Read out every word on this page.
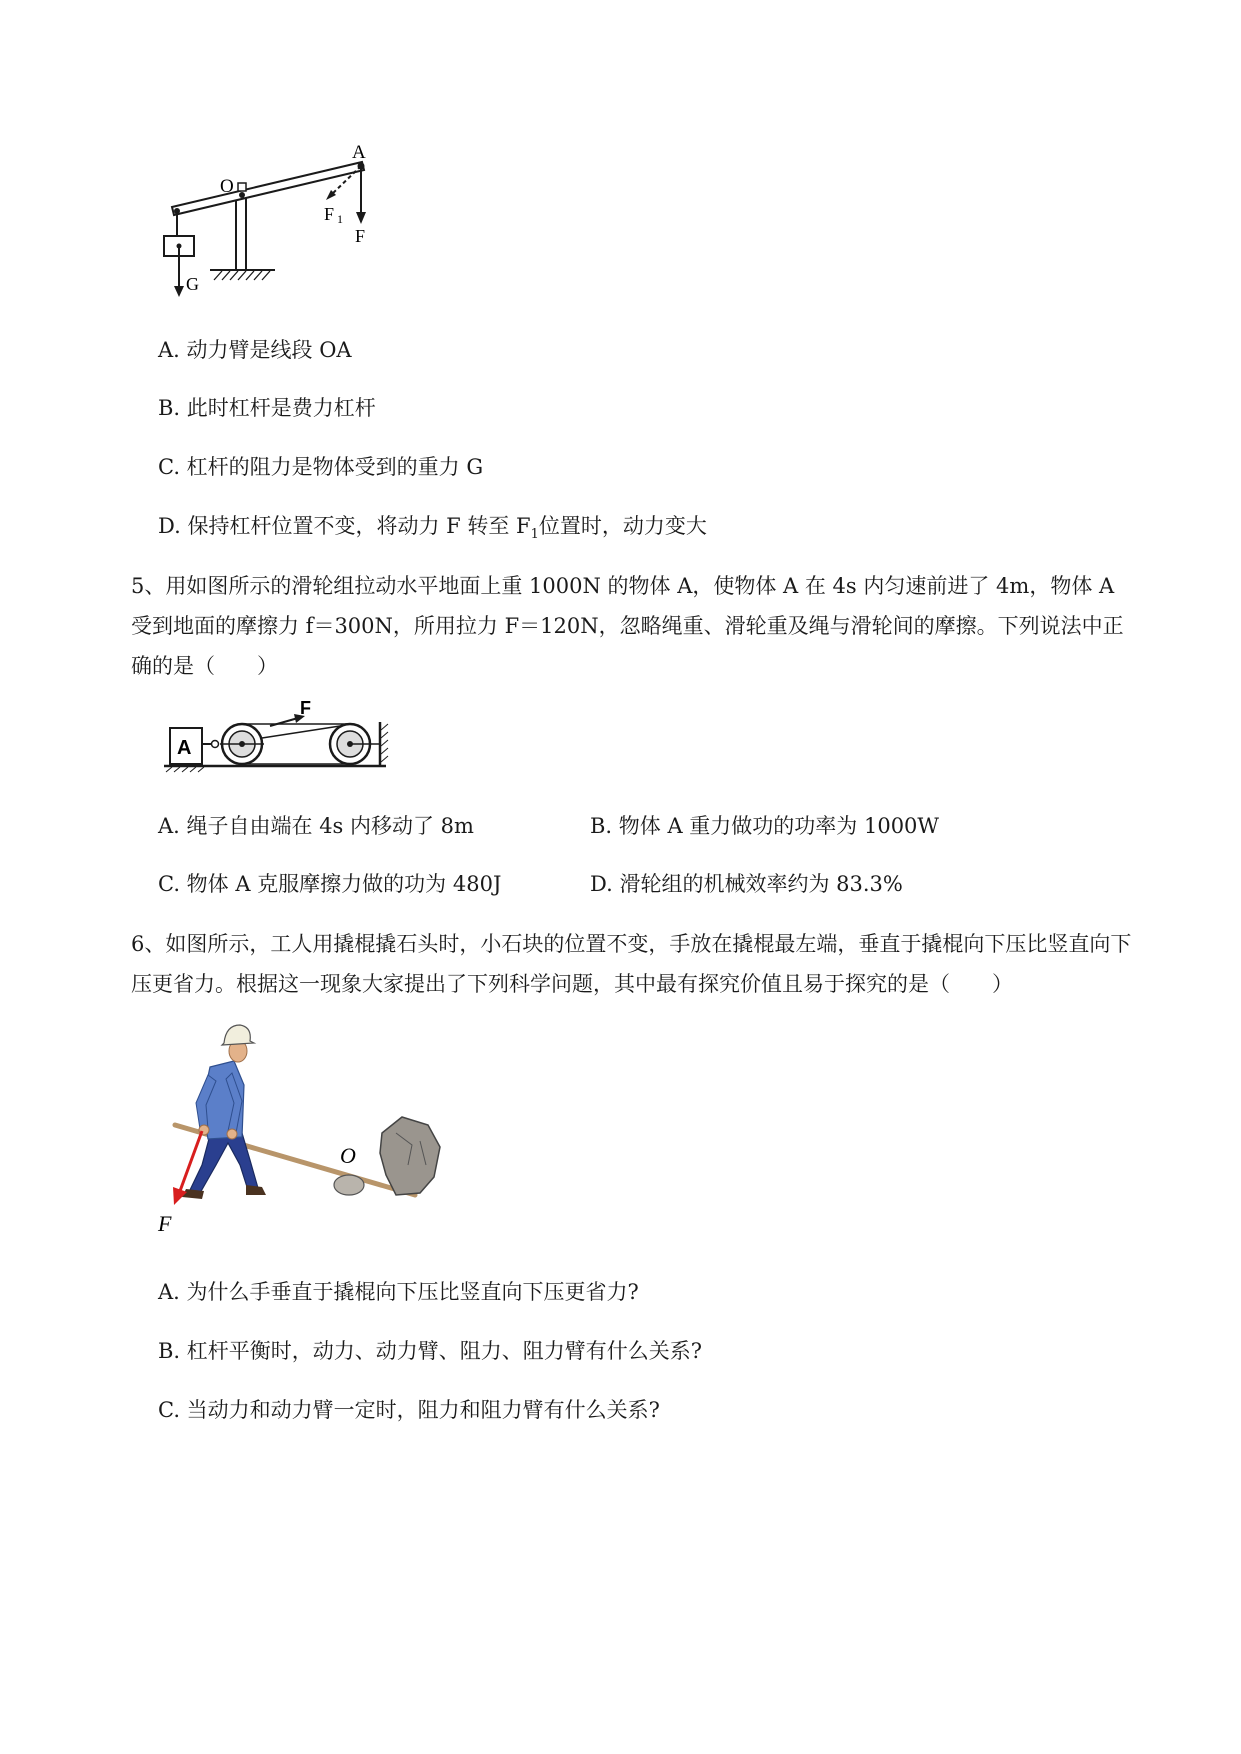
A
O
F 1
F
G
A. 动力臂是线段 OA
B. 此时杠杆是费力杠杆
C. 杠杆的阻力是物体受到的重力 G
D. 保持杠杆位置不变，将动力 F 转至 $F_1$位置时，动力变大
5、用如图所示的滑轮组拉动水平地面上重 1000N 的物体 A，使物体 A 在 4s 内匀速前进了 4m，物体 A 受到地面的摩擦力 f＝300N，所用拉力 F＝120N，忽略绳重、滑轮重及绳与滑轮间的摩擦。下列说法中正确的是（　　）
A
F
A. 绳子自由端在 4s 内移动了 8m	B. 物体 A 重力做功的功率为 1000W
C. 物体 A 克服摩擦力做的功为 480J	D. 滑轮组的机械效率约为 83.3%
6、如图所示，工人用撬棍撬石头时，小石块的位置不变，手放在撬棍最左端，垂直于撬棍向下压比竖直向下压更省力。根据这一现象大家提出了下列科学问题，其中最有探究价值且易于探究的是（　　）
O
F
A. 为什么手垂直于撬棍向下压比竖直向下压更省力?
B. 杠杆平衡时，动力、动力臂、阻力、阻力臂有什么关系?
C. 当动力和动力臂一定时，阻力和阻力臂有什么关系?
